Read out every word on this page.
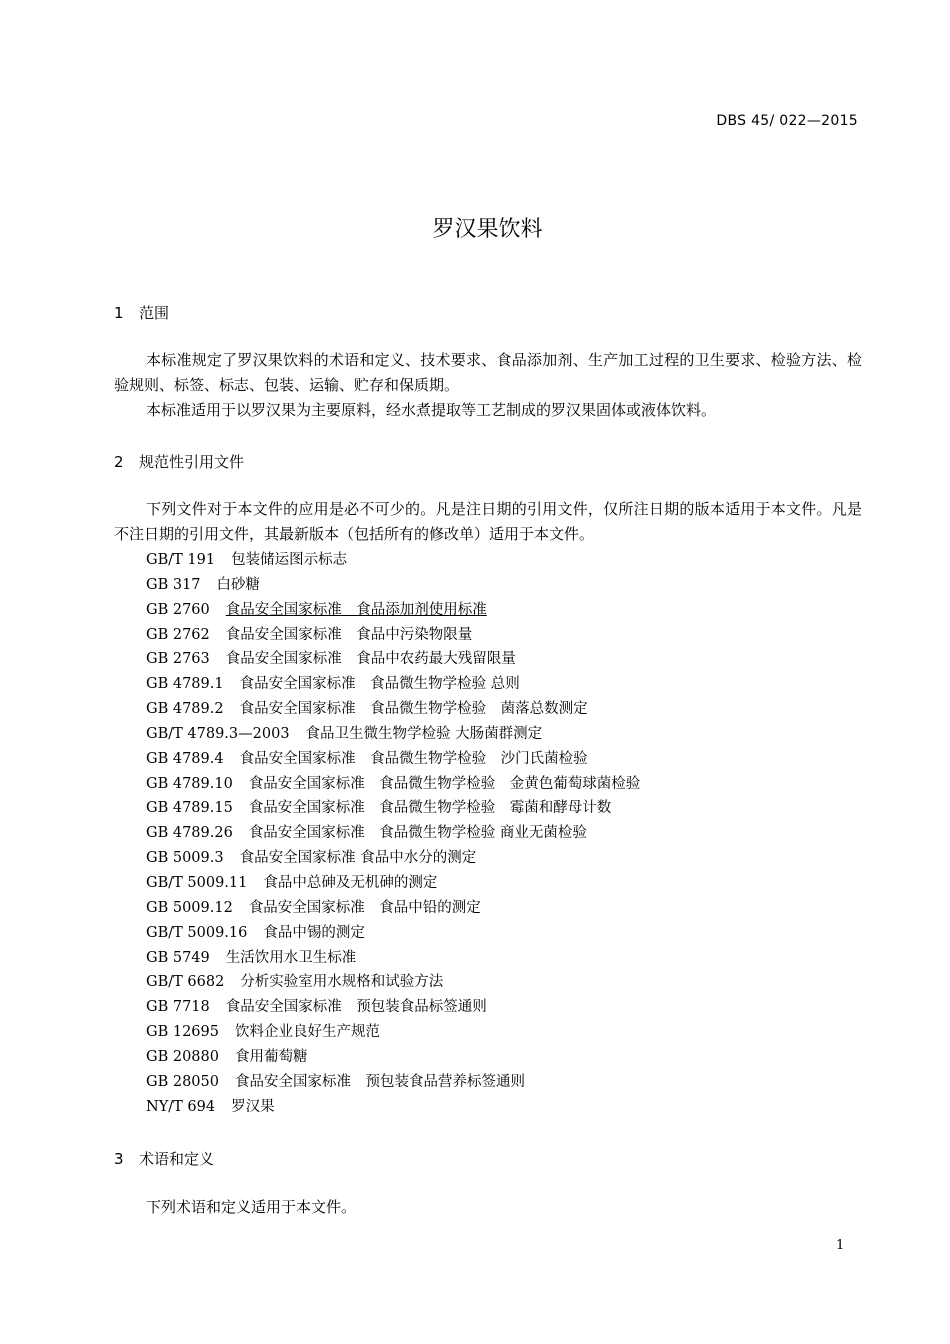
DBS 45/ 022—2015
罗汉果饮料
1 范围

本标准规定了罗汉果饮料的术语和定义、技术要求、食品添加剂、生产加工过程的卫生要求、检验方法、检验规则、标签、标志、包装、运输、贮存和保质期。

本标准适用于以罗汉果为主要原料，经水煮提取等工艺制成的罗汉果固体或液体饮料。

2 规范性引用文件

下列文件对于本文件的应用是必不可少的。凡是注日期的引用文件，仅所注日期的版本适用于本文件。凡是不注日期的引用文件，其最新版本（包括所有的修改单）适用于本文件。

GB/T 191 包装储运图示标志
GB 317 白砂糖
GB 2760 食品安全国家标准　食品添加剂使用标准
GB 2762 食品安全国家标准　食品中污染物限量
GB 2763 食品安全国家标准　食品中农药最大残留限量
GB 4789.1 食品安全国家标准　食品微生物学检验 总则
GB 4789.2 食品安全国家标准　食品微生物学检验　菌落总数测定
GB/T 4789.3—2003 食品卫生微生物学检验 大肠菌群测定
GB 4789.4 食品安全国家标准　食品微生物学检验　沙门氏菌检验
GB 4789.10 食品安全国家标准　食品微生物学检验　金黄色葡萄球菌检验
GB 4789.15 食品安全国家标准　食品微生物学检验　霉菌和酵母计数
GB 4789.26 食品安全国家标准　食品微生物学检验 商业无菌检验
GB 5009.3 食品安全国家标准 食品中水分的测定
GB/T 5009.11 食品中总砷及无机砷的测定
GB 5009.12 食品安全国家标准　食品中铅的测定
GB/T 5009.16 食品中锡的测定
GB 5749 生活饮用水卫生标准
GB/T 6682 分析实验室用水规格和试验方法
GB 7718 食品安全国家标准　预包装食品标签通则
GB 12695 饮料企业良好生产规范
GB 20880 食用葡萄糖
GB 28050 食品安全国家标准　预包装食品营养标签通则
NY/T 694 罗汉果
3 术语和定义

下列术语和定义适用于本文件。

1
